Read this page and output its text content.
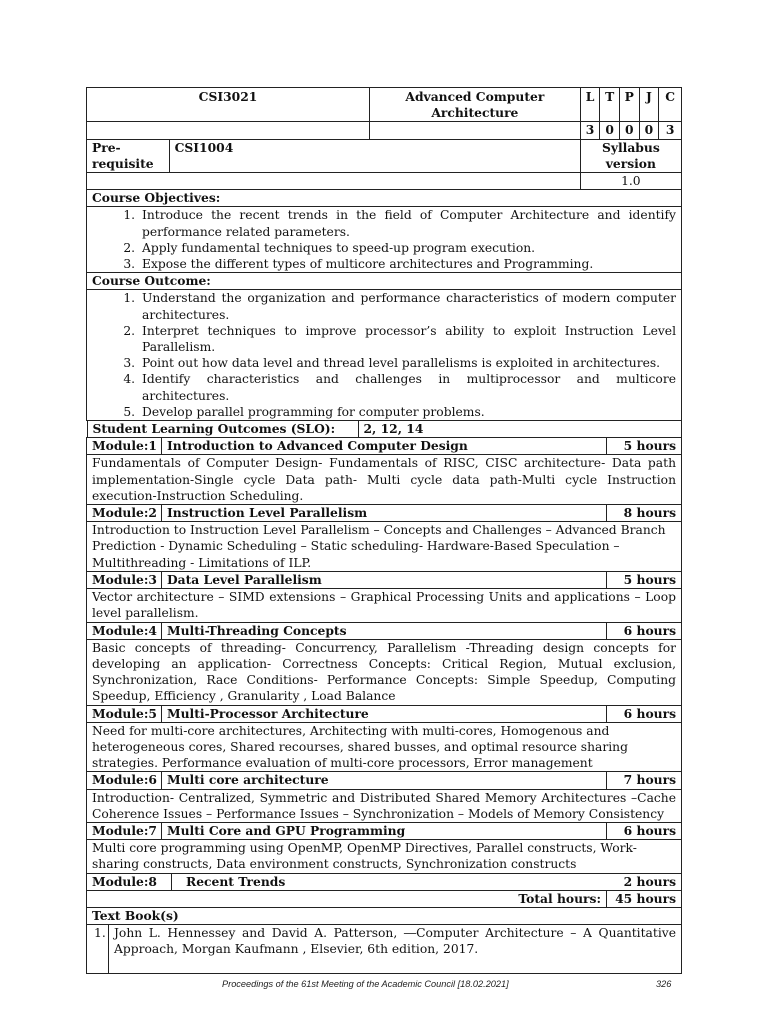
CSI3021	Advanced Computer Architecture	L	T	P	J	C
		3	0	0	0	3
Pre-requisite	CSI1004	Syllabus version
	1.0
Course Objectives:

1. Introduce the recent trends in the field of Computer Architecture and identify performance related parameters.
2. Apply fundamental techniques to speed-up program execution.
3. Expose the different types of multicore architectures and Programming.

Course Outcome:

1. Understand the organization and performance characteristics of modern computer architectures.
2. Interpret techniques to improve processor’s ability to exploit Instruction Level Parallelism.
3. Point out how data level and thread level parallelisms is exploited in architectures.
4. Identify characteristics and challenges in multiprocessor and multicore architectures.
5. Develop parallel programming for computer problems.

Student Learning Outcomes (SLO):	2, 12, 14

Module:1	Introduction to Advanced Computer Design	5 hours

Fundamentals of Computer Design- Fundamentals of RISC, CISC architecture- Data path implementation-Single cycle Data path- Multi cycle data path-Multi cycle Instruction execution-Instruction Scheduling.

Module:2	Instruction Level Parallelism	8 hours

Introduction to Instruction Level Parallelism – Concepts and Challenges – Advanced Branch Prediction - Dynamic Scheduling – Static scheduling- Hardware-Based Speculation – Multithreading - Limitations of ILP.

Module:3	Data Level Parallelism	5 hours

Vector architecture – SIMD extensions – Graphical Processing Units and applications – Loop level parallelism.

Module:4	Multi-Threading Concepts	6 hours

Basic concepts of threading- Concurrency, Parallelism -Threading design concepts for developing an application- Correctness Concepts: Critical Region, Mutual exclusion, Synchronization, Race Conditions- Performance Concepts: Simple Speedup, Computing Speedup, Efficiency , Granularity , Load Balance

Module:5	Multi-Processor Architecture	6 hours

Need for multi-core architectures, Architecting with multi-cores, Homogenous and heterogeneous cores, Shared recourses, shared busses, and optimal resource sharing strategies. Performance evaluation of multi-core processors, Error management

Module:6	Multi core architecture	7 hours

Introduction- Centralized, Symmetric and Distributed Shared Memory Architectures –Cache Coherence Issues – Performance Issues – Synchronization – Models of Memory Consistency

Module:7	Multi Core and GPU Programming	6 hours

Multi core programming using OpenMP, OpenMP Directives, Parallel constructs, Work-sharing constructs, Data environment constructs, Synchronization constructs

Module:8	Recent Trends	2 hours

Total hours:	45 hours

Text Book(s)

1.	John L. Hennessey and David A. Patterson, ―Computer Architecture – A Quantitative Approach, Morgan Kaufmann , Elsevier, 6th edition, 2017.
Proceedings of the 61st Meeting of the Academic Council [18.02.2021]	326
